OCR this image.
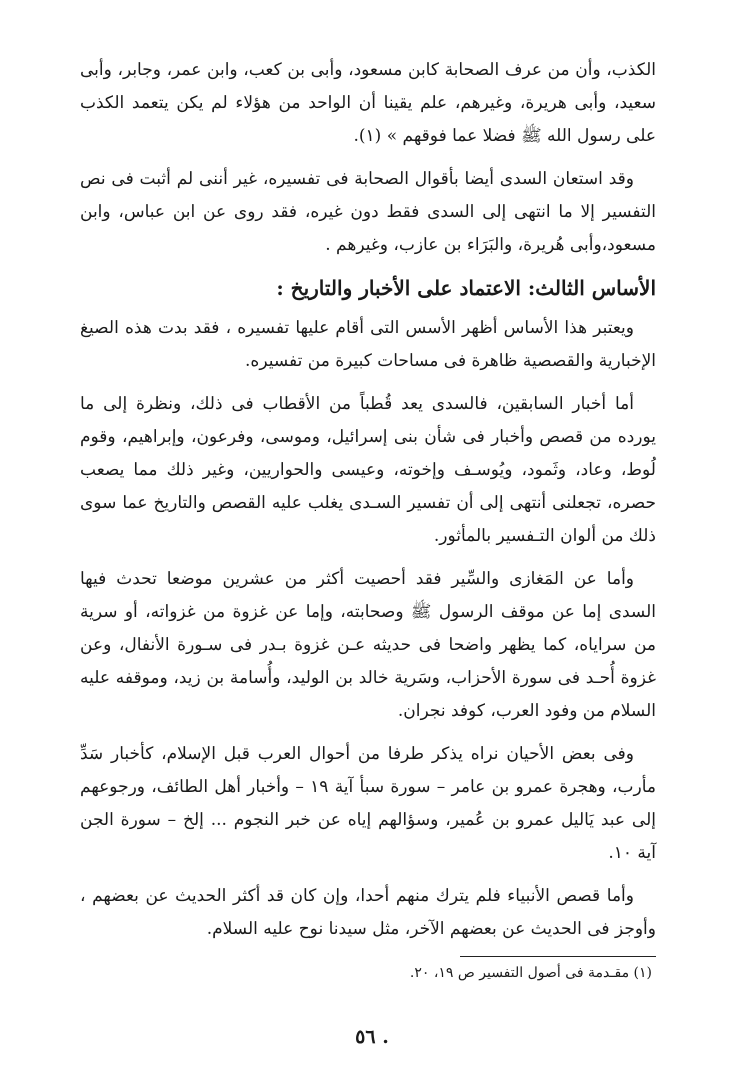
الكذب، وأن من عرف الصحابة كابن مسعود، وأبى بن كعب، وابن عمر، وجابر، وأبى سعيد، وأبى هريرة، وغيرهم، علم يقينا أن الواحد من هؤلاء لم يكن يتعمد الكذب على رسول الله ﷺ فضلا عما فوقهم » (١).

وقد استعان السدى أيضا بأقوال الصحابة فى تفسيره، غير أننى لم أثبت فى نص التفسير إلا ما انتهى إلى السدى فقط دون غيره، فقد روى عن ابن عباس، وابن مسعود،وأبى هُريرة، والبَرَاء بن عازب، وغيرهم .

الأساس الثالث: الاعتماد على الأخبار والتاريخ :

ويعتبر هذا الأساس أظهر الأسس التى أقام عليها تفسيره ، فقد بدت هذه الصيغ الإخبارية والقصصية ظاهرة فى مساحات كبيرة من تفسيره.

أما أخبار السابقين، فالسدى يعد قُطباً من الأقطاب فى ذلك، ونظرة إلى ما يورده من قصص وأخبار فى شأن بنى إسرائيل، وموسى، وفرعون، وإبراهيم، وقوم لُوط، وعاد، وثَمود، ويُوسـف وإخوته، وعيسى والحواريين، وغير ذلك مما يصعب حصره، تجعلنى أنتهى إلى أن تفسير السـدى يغلب عليه القصص والتاريخ عما سوى ذلك من ألوان التـفسير بالمأثور.

وأما عن المَغازى والسِّير فقد أحصيت أكثر من عشرين موضعا تحدث فيها السدى إما عن موقف الرسول ﷺ وصحابته، وإما عن غزوة من غزواته، أو سرية من سراياه، كما يظهر واضحا فى حديثه عـن غزوة بـدر فى سـورة الأنفال، وعن غزوة أُحـد فى سورة الأحزاب، وسَرية خالد بن الوليد، وأُسامة بن زيد، وموقفه عليه السلام من وفود العرب، كوفد نجران.

وفى بعض الأحيان نراه يذكر طرفا من أحوال العرب قبل الإسلام، كأخبار سَدِّ مأرب، وهجرة عمرو بن عامر – سورة سبأ آية ١٩ – وأخبار أهل الطائف، ورجوعهم إلى عبد يَاليل عمرو بن عُمير، وسؤالهم إياه عن خبر النجوم ... إلخ – سورة الجن آية ١٠.

وأما قصص الأنبياء فلم يترك منهم أحدا، وإن كان قد أكثر الحديث عن بعضهم ، وأوجز فى الحديث عن بعضهم الآخر، مثل سيدنا نوح عليه السلام.

(١) مقـدمة فى أصول التفسير ص ١٩، ٢٠.
. ٥٦
